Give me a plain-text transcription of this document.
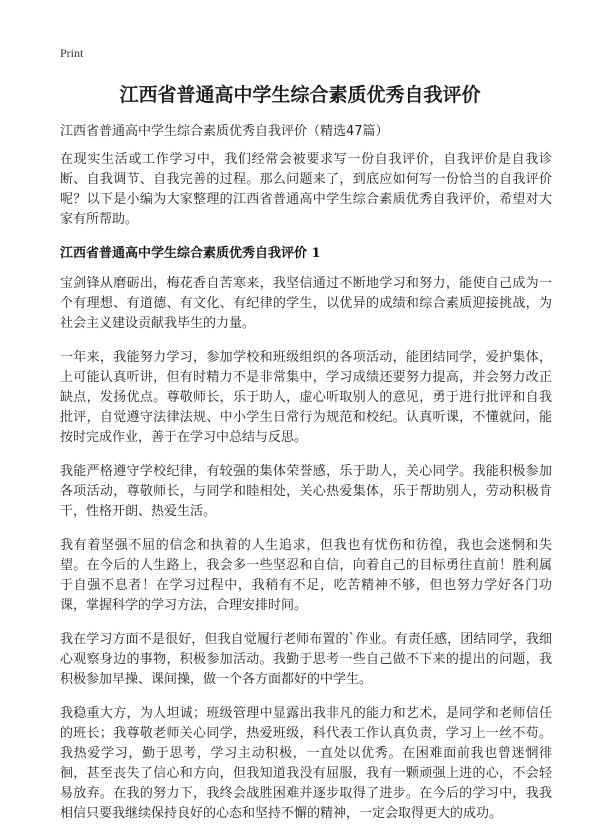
Print
江西省普通高中学生综合素质优秀自我评价

江西省普通高中学生综合素质优秀自我评价（精选47篇）

在现实生活或工作学习中，我们经常会被要求写一份自我评价，自我评价是自我诊断、自我调节、自我完善的过程。那么问题来了，到底应如何写一份恰当的自我评价呢？以下是小编为大家整理的江西省普通高中学生综合素质优秀自我评价，希望对大家有所帮助。

江西省普通高中学生综合素质优秀自我评价 1

宝剑锋从磨砺出，梅花香自苦寒来，我坚信通过不断地学习和努力，能使自己成为一个有理想、有道德、有文化、有纪律的学生，以优异的成绩和综合素质迎接挑战，为社会主义建设贡献我毕生的力量。

一年来，我能努力学习，参加学校和班级组织的各项活动，能团结同学，爱护集体，上可能认真听讲，但有时精力不是非常集中，学习成绩还要努力提高，并会努力改正缺点，发扬优点。尊敬师长，乐于助人，虚心听取别人的意见，勇于进行批评和自我批评，自觉遵守法律法规、中小学生日常行为规范和校纪。认真听课，不懂就问，能按时完成作业，善于在学习中总结与反思。

我能严格遵守学校纪律，有较强的集体荣誉感，乐于助人，关心同学。我能积极参加各项活动，尊敬师长，与同学和睦相处，关心热爱集体，乐于帮助别人，劳动积极肯干，性格开朗、热爱生活。

我有着坚强不屈的信念和执着的人生追求，但我也有忧伤和彷徨，我也会迷惘和失望。在今后的人生路上，我会多一些坚忍和自信，向着自己的目标勇往直前！胜利属于自强不息者！在学习过程中，我稍有不足，吃苦精神不够，但也努力学好各门功课，掌握科学的学习方法，合理安排时间。

我在学习方面不是很好，但我自觉履行老师布置的`作业。有责任感，团结同学，我细心观察身边的事物，积极参加活动。我勤于思考一些自己做不下来的提出的问题，我积极参加早操、课间操，做一个各方面都好的中学生。

我稳重大方，为人坦诚；班级管理中显露出我非凡的能力和艺术，是同学和老师信任的班长；我尊敬老师关心同学，热爱班级，科代表工作认真负责，学习上一丝不苟。我热爱学习，勤于思考，学习主动积极，一直处以优秀。在困难面前我也曾迷惘徘徊，甚至丧失了信心和方向，但我知道我没有屈服，我有一颗顽强上进的心，不会轻易放弃。在我的努力下，我终会战胜困难并逐步取得了进步。在今后的学习中，我我相信只要我继续保持良好的心态和坚持不懈的精神，一定会取得更大的成功。
